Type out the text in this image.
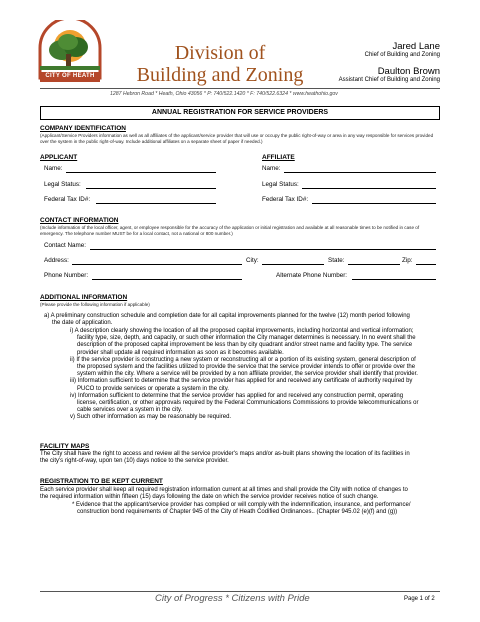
CITY OF HEATH
Division of
Building and Zoning
Jared Lane
Chief of Building and Zoning
Daulton Brown
Assistant Chief of Building and Zoning
1287 Hebron Road * Heath, Ohio 43056 * P: 740/522.1420 * F: 740/522.6324 * www.heathohio.gov
ANNUAL REGISTRATION FOR SERVICE PROVIDERS
COMPANY IDENTIFICATION
(Applicant/Service Providers information as well as all affiliates of the applicant/service provider that will use or occupy the public right-of-way or area in any way responsible for services provided over the system in the public right-of-way. Include additional affiliates on a separate sheet of paper if needed.)
APPLICANT	AFFILIATE
Name:	Name:
Legal Status:	Legal Status:
Federal Tax ID#:	Federal Tax ID#:
CONTACT INFORMATION
(Include information of the local officer, agent, or employee responsible for the accuracy of the application or initial registration and available at all reasonable times to be notified in case of emergency. The telephone number MUST be for a local contact, not a national or 800 number.)
Contact Name:
Address:	City:	State:	Zip:
Phone Number:	Alternate Phone Number:
ADDITIONAL INFORMATION
(Please provide the following information if applicable)
a) A preliminary construction schedule and completion date for all capital improvements planned for the twelve (12) month period following
the date of application.
i) A description clearly showing the location of all the proposed capital improvements, including horizontal and vertical information;
facility type, size, depth, and capacity, or such other information the City manager determines is necessary. In no event shall the
description of the proposed capital improvement be less than by city quadrant and/or street name and facility type. The service
provider shall update all required information as soon as it becomes available.
ii) If the service provider is constructing a new system or reconstructing all or a portion of its existing system, general description of
the proposed system and the facilities utilized to provide the service that the service provider intends to offer or provide over the
system within the city. Where a service will be provided by a non affiliate provider, the service provider shall identify that provider.
iii) Information sufficient to determine that the service provider has applied for and received any certificate of authority required by
PUCO to provide services or operate a system in the city.
iv) Information sufficient to determine that the service provider has applied for and received any construction permit, operating
license, certification, or other approvals required by the Federal Communications Commissions to provide telecommunications or
cable services over a system in the city.
v) Such other information as may be reasonably be required.
FACILITY MAPS
The City shall have the right to access and review all the service provider's maps and/or as-built plans showing the location of its facilities in
the city's right-of-way, upon ten (10) days notice to the service provider.
REGISTRATION TO BE KEPT CURRENT
Each service provider shall keep all required registration information current at all times and shall provide the City with notice of changes to
the required information within fifteen (15) days following the date on which the service provider receives notice of such change.
* Evidence that the applicant/service provider has complied or will comply with the indemnification, insurance, and performance/
construction bond requirements of Chapter 945 of the City of Heath Codified Ordinances.. (Chapter 945.02 (e)(f) and (g))
City of Progress * Citizens with Pride	Page 1 of 2
